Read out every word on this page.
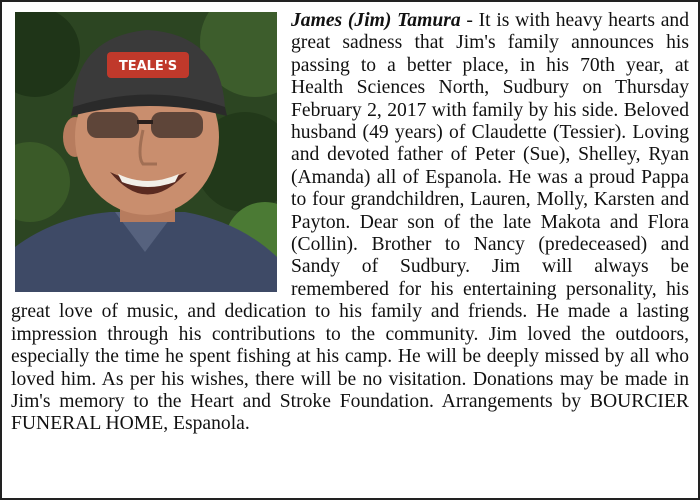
TEALE'S
James (Jim) Tamura - It is with heavy hearts and great sadness that Jim's family announces his passing to a better place, in his 70th year, at Health Sciences North, Sudbury on Thursday February 2, 2017 with family by his side. Beloved husband (49 years) of Claudette (Tessier). Loving and devoted father of Peter (Sue), Shelley, Ryan (Amanda) all of Espanola. He was a proud Pappa to four grandchildren, Lauren, Molly, Karsten and Payton. Dear son of the late Makota and Flora (Collin). Brother to Nancy (predeceased) and Sandy of Sudbury. Jim will always be remembered for his entertaining personality, his great love of music, and dedication to his family and friends. He made a lasting impression through his contributions to the community. Jim loved the outdoors, especially the time he spent fishing at his camp. He will be deeply missed by all who loved him. As per his wishes, there will be no visitation. Donations may be made in Jim's memory to the Heart and Stroke Foundation. Arrangements by BOURCIER FUNERAL HOME, Espanola.
